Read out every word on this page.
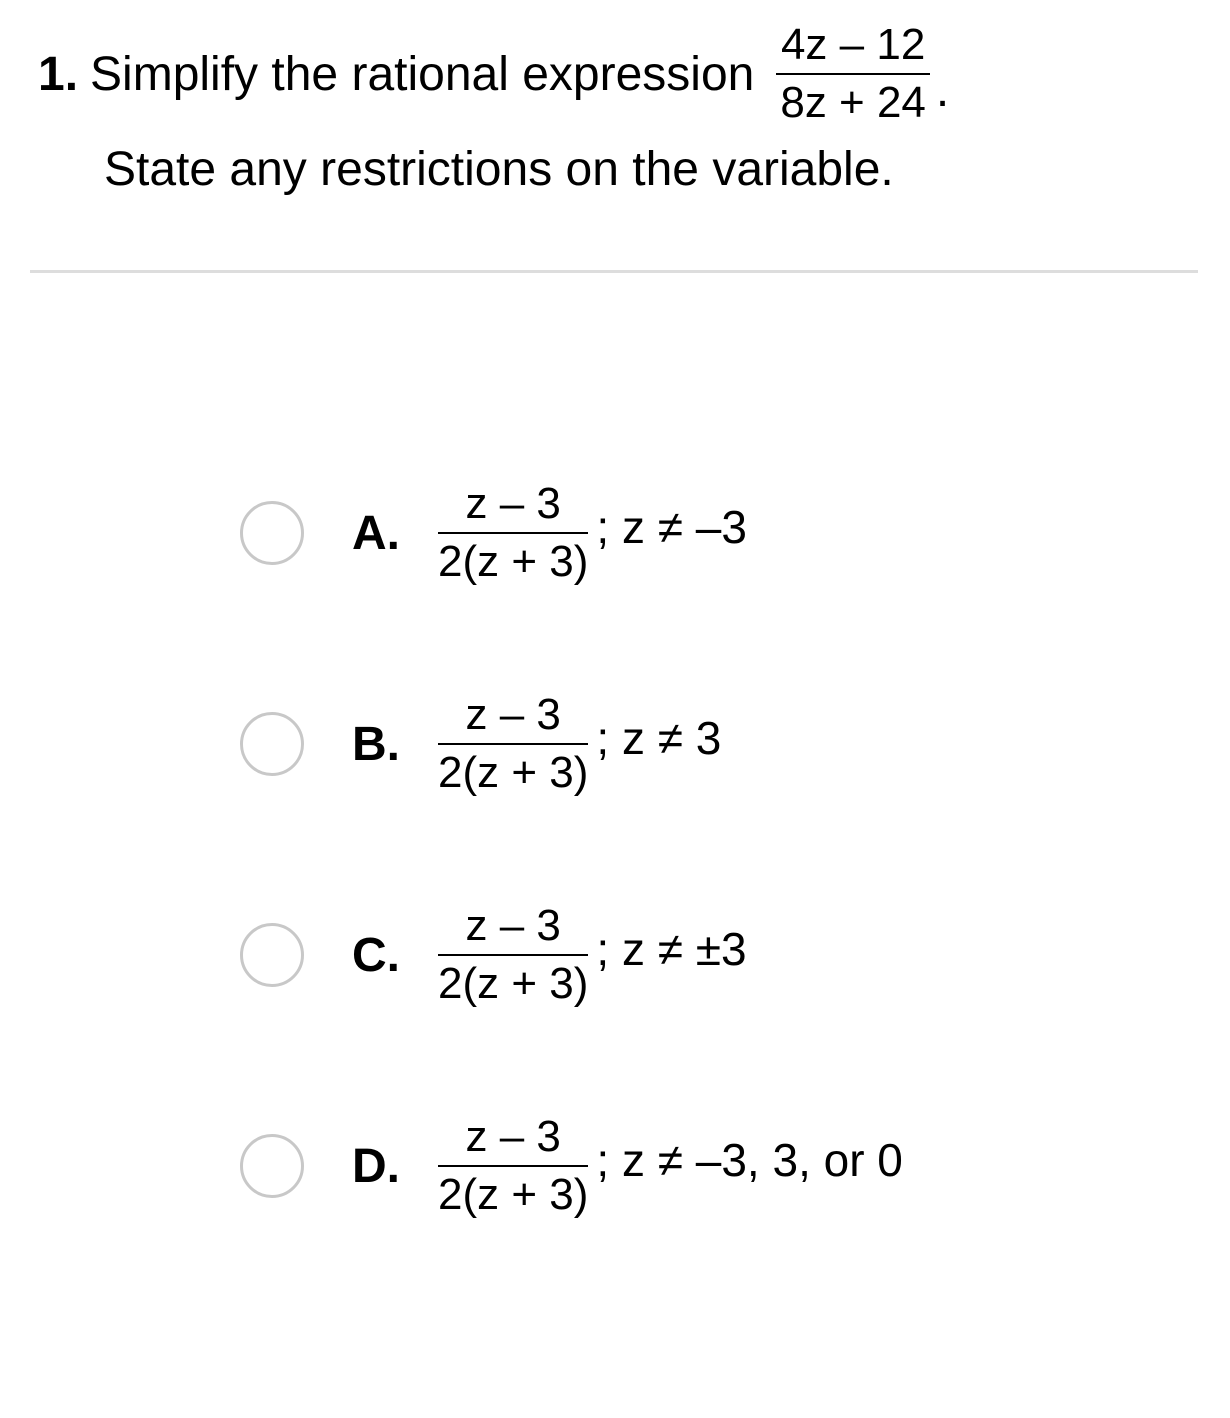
1. Simplify the rational expression $\frac{4z - 12}{8z + 24}$ .
State any restrictions on the variable.
A. $\frac{z - 3}{2(z + 3)}$ ; z ≠ –3
B. $\frac{z - 3}{2(z + 3)}$ ; z ≠ 3
C. $\frac{z - 3}{2(z + 3)}$ ; z ≠ ±3
D. $\frac{z - 3}{2(z + 3)}$ ; z ≠ –3, 3, or 0
